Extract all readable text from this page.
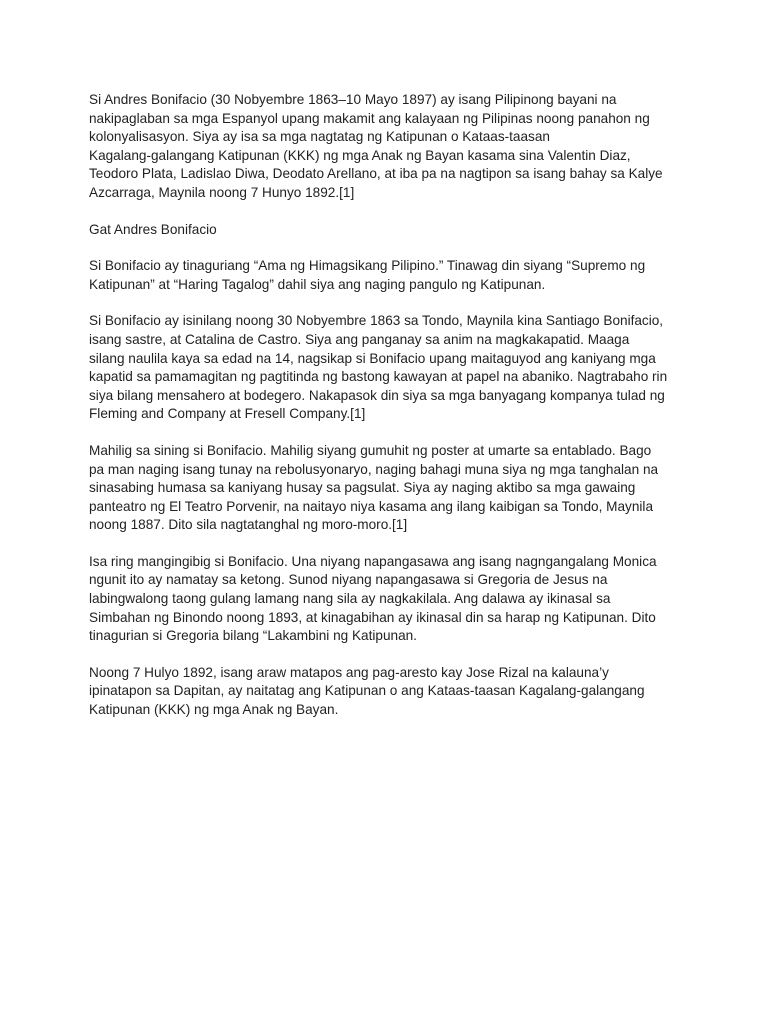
Si Andres Bonifacio (30 Nobyembre 1863–10 Mayo 1897) ay isang Pilipinong bayani na
nakipaglaban sa mga Espanyol upang makamit ang kalayaan ng Pilipinas noong panahon ng
kolonyalisasyon. Siya ay isa sa mga nagtatag ng Katipunan o Kataas-taasan
Kagalang-galangang Katipunan (KKK) ng mga Anak ng Bayan kasama sina Valentin Diaz,
Teodoro Plata, Ladislao Diwa, Deodato Arellano, at iba pa na nagtipon sa isang bahay sa Kalye
Azcarraga, Maynila noong 7 Hunyo 1892.[1]

Gat Andres Bonifacio

Si Bonifacio ay tinaguriang “Ama ng Himagsikang Pilipino.” Tinawag din siyang “Supremo ng
Katipunan” at “Haring Tagalog” dahil siya ang naging pangulo ng Katipunan.

Si Bonifacio ay isinilang noong 30 Nobyembre 1863 sa Tondo, Maynila kina Santiago Bonifacio,
isang sastre, at Catalina de Castro. Siya ang panganay sa anim na magkakapatid. Maaga
silang naulila kaya sa edad na 14, nagsikap si Bonifacio upang maitaguyod ang kaniyang mga
kapatid sa pamamagitan ng pagtitinda ng bastong kawayan at papel na abaniko. Nagtrabaho rin
siya bilang mensahero at bodegero. Nakapasok din siya sa mga banyagang kompanya tulad ng
Fleming and Company at Fresell Company.[1]

Mahilig sa sining si Bonifacio. Mahilig siyang gumuhit ng poster at umarte sa entablado. Bago
pa man naging isang tunay na rebolusyonaryo, naging bahagi muna siya ng mga tanghalan na
sinasabing humasa sa kaniyang husay sa pagsulat. Siya ay naging aktibo sa mga gawaing
panteatro ng El Teatro Porvenir, na naitayo niya kasama ang ilang kaibigan sa Tondo, Maynila
noong 1887. Dito sila nagtatanghal ng moro-moro.[1]

Isa ring mangingibig si Bonifacio. Una niyang napangasawa ang isang nagngangalang Monica
ngunit ito ay namatay sa ketong. Sunod niyang napangasawa si Gregoria de Jesus na
labingwalong taong gulang lamang nang sila ay nagkakilala. Ang dalawa ay ikinasal sa
Simbahan ng Binondo noong 1893, at kinagabihan ay ikinasal din sa harap ng Katipunan. Dito
tinagurian si Gregoria bilang “Lakambini ng Katipunan.

Noong 7 Hulyo 1892, isang araw matapos ang pag-aresto kay Jose Rizal na kalauna’y
ipinatapon sa Dapitan, ay naitatag ang Katipunan o ang Kataas-taasan Kagalang-galangang
Katipunan (KKK) ng mga Anak ng Bayan.
